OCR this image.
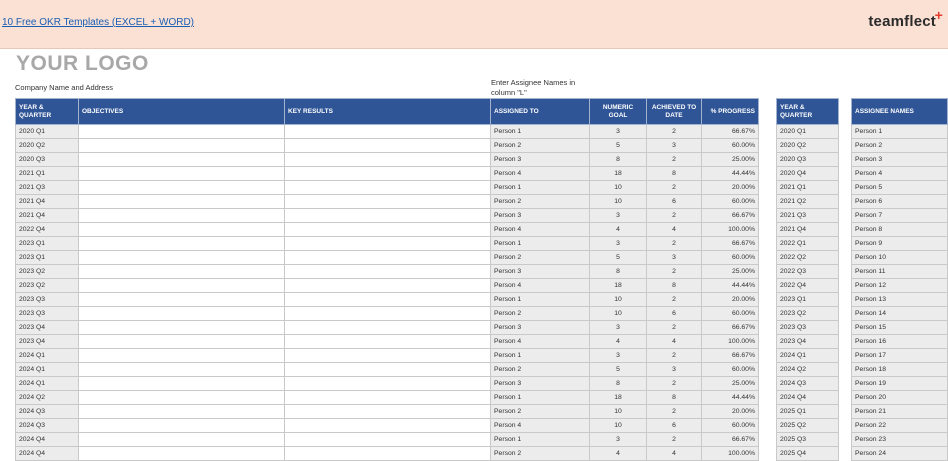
10 Free OKR Templates (EXCEL + WORD)	teamflect
+
YOUR LOGO
Company Name and Address
Enter Assignee Names in
column "L"
YEAR & QUARTER	OBJECTIVES	KEY RESULTS	ASSIGNED TO	NUMERIC GOAL	ACHIEVED TO DATE	% PROGRESS
2020 Q1			Person 1	3	2	66.67%
2020 Q2			Person 2	5	3	60.00%
2020 Q3			Person 3	8	2	25.00%
2021 Q1			Person 4	18	8	44.44%
2021 Q3			Person 1	10	2	20.00%
2021 Q4			Person 2	10	6	60.00%
2021 Q4			Person 3	3	2	66.67%
2022 Q4			Person 4	4	4	100.00%
2023 Q1			Person 1	3	2	66.67%
2023 Q1			Person 2	5	3	60.00%
2023 Q2			Person 3	8	2	25.00%
2023 Q2			Person 4	18	8	44.44%
2023 Q3			Person 1	10	2	20.00%
2023 Q3			Person 2	10	6	60.00%
2023 Q4			Person 3	3	2	66.67%
2023 Q4			Person 4	4	4	100.00%
2024 Q1			Person 1	3	2	66.67%
2024 Q1			Person 2	5	3	60.00%
2024 Q1			Person 3	8	2	25.00%
2024 Q2			Person 1	18	8	44.44%
2024 Q3			Person 2	10	2	20.00%
2024 Q3			Person 4	10	6	60.00%
2024 Q4			Person 1	3	2	66.67%
2024 Q4			Person 2	4	4	100.00%
YEAR & QUARTER
2020 Q1
2020 Q2
2020 Q3
2020 Q4
2021 Q1
2021 Q2
2021 Q3
2021 Q4
2022 Q1
2022 Q2
2022 Q3
2022 Q4
2023 Q1
2023 Q2
2023 Q3
2023 Q4
2024 Q1
2024 Q2
2024 Q3
2024 Q4
2025 Q1
2025 Q2
2025 Q3
2025 Q4
ASSIGNEE NAMES
Person 1
Person 2
Person 3
Person 4
Person 5
Person 6
Person 7
Person 8
Person 9
Person 10
Person 11
Person 12
Person 13
Person 14
Person 15
Person 16
Person 17
Person 18
Person 19
Person 20
Person 21
Person 22
Person 23
Person 24
